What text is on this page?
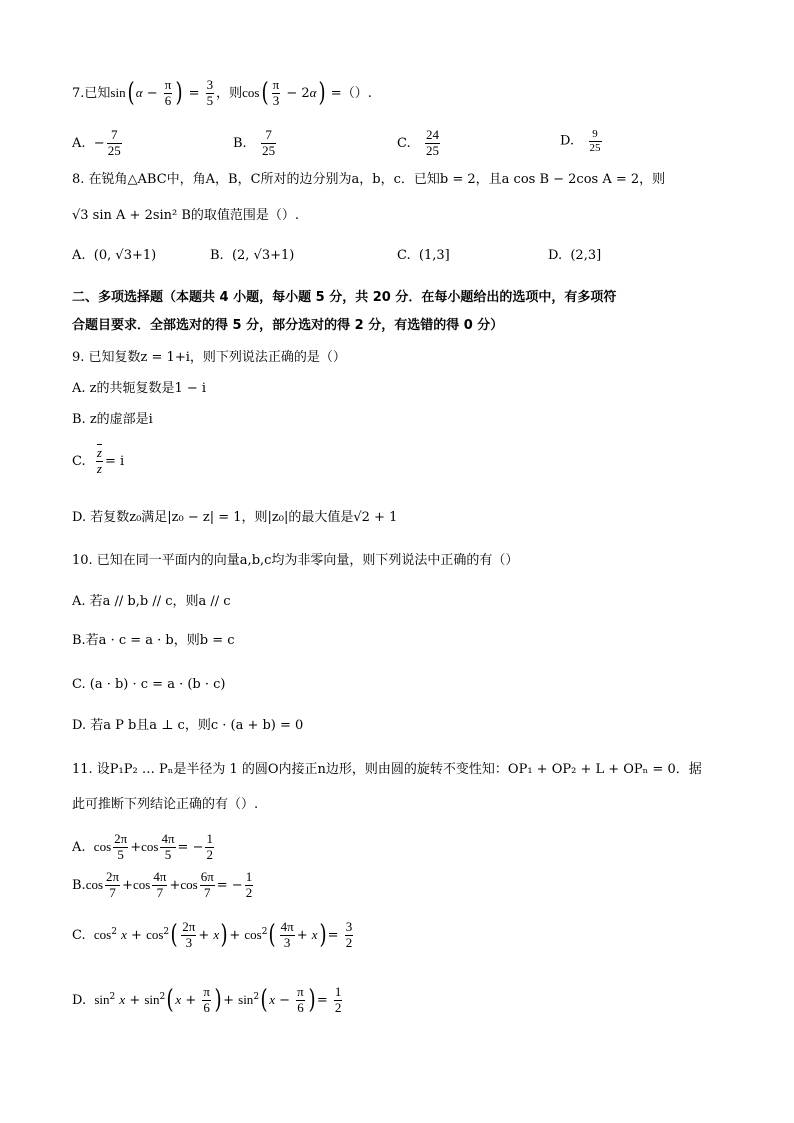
7.已知sin( $\alpha - \frac{\pi}{6}$ ) = $\frac{3}{5}$ ，则$\cos( \frac{\pi}{3} - 2\alpha)$ =（）.
A. − $\frac{7}{25}$	B. $\frac{7}{25}$	C. $\frac{24}{25}$	D. $\frac{9}{25}$
8. 在锐角△ABC中，角A，B，C所对的边分别为a，b，c．已知b = 2，且a cos B − 2cos A = 2，则
√3 sin A + 2sin² B的取值范围是（）.
A. (0, √3+1)	B. (2, √3+1)	C. (1,3]	D. (2,3]
二、多项选择题（本题共 4 小题，每小题 5 分，共 20 分．在每小题给出的选项中，有多项符
合题目要求．全部选对的得 5 分，部分选对的得 2 分，有选错的得 0 分）
9. 已知复数z = 1+i，则下列说法正确的是（）
A. z的共轭复数是1 − i
B. z的虚部是i
C. $\frac{\overline{z}}{z} = i$
D. 若复数z₀满足|z₀ − z| = 1，则|z₀|的最大值是√2 + 1
10. 已知在同一平面内的向量a,b,c均为非零向量，则下列说法中正确的有（）
A. 若a // b,b // c，则a // c
B.若a · c = a · b，则b = c
C. (a · b) · c = a · (b · c)
D. 若a P b且a ⊥ c，则c · (a + b) = 0
11. 设P₁P₂ … Pₙ是半径为 1 的圆O内接正n边形，则由圆的旋转不变性知：OP₁ + OP₂ + L + OPₙ = 0．据
此可推断下列结论正确的有（）.
A.  $\cos \frac{2\pi}{5} +\cos \frac{4\pi}{5}$ = − $\frac{1}{2}$
$B.\cos \frac{2\pi}{7} +\cos \frac{4\pi}{7} +\cos \frac{6\pi}{7}$ = − $\frac{1}{2}$
C.  $\cos^2 x + \cos^2( \frac{2\pi}{3} + x) + \cos^2( \frac{4\pi}{3} + x) = \frac{3}{2}$
D.  $\sin^2 x + \sin^2$( $x + \frac{\pi}{6}$ ) + $\sin^2$( $x - \frac{\pi}{6}$ ) = $\frac{1}{2}$
